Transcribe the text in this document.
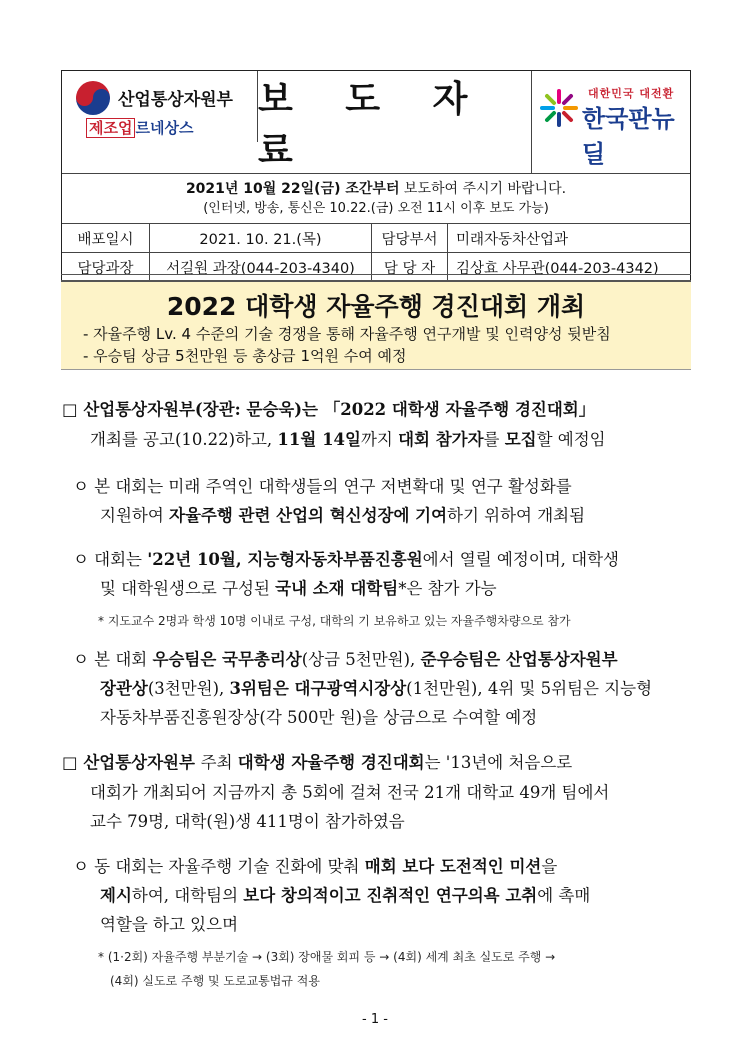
산업통상자원부
제조업 르네상스
보 도 자 료
대한민국 대전환
한국판뉴딜
2021년 10월 22일(금) 조간부터 보도하여 주시기 바랍니다.
(인터넷, 방송, 통신은 10.22.(금) 오전 11시 이후 보도 가능)
배포일시	2021. 10. 21.(목)	담당부서	미래자동차산업과
담당과장	서길원 과장(044-203-4340)	담 당 자	김상효 사무관(044-203-4342)
2022 대학생 자율주행 경진대회 개최
- 자율주행 Lv. 4 수준의 기술 경쟁을 통해 자율주행 연구개발 및 인력양성 뒷받침
- 우승팀 상금 5천만원 등 총상금 1억원 수여 예정
□ 산업통상자원부(장관: 문승욱)는 「2022 대학생 자율주행 경진대회」
개최를 공고(10.22)하고, 11월 14일까지 대회 참가자를 모집할 예정임
ㅇ 본 대회는 미래 주역인 대학생들의 연구 저변확대 및 연구 활성화를
지원하여 자율주행 관련 산업의 혁신성장에 기여하기 위하여 개최됨
ㅇ 대회는 '22년 10월, 지능형자동차부품진흥원에서 열릴 예정이며, 대학생
및 대학원생으로 구성된 국내 소재 대학팀*은 참가 가능
* 지도교수 2명과 학생 10명 이내로 구성, 대학의 기 보유하고 있는 자율주행차량으로 참가
ㅇ 본 대회 우승팀은 국무총리상(상금 5천만원), 준우승팀은 산업통상자원부
장관상(3천만원), 3위팀은 대구광역시장상(1천만원), 4위 및 5위팀은 지능형
자동차부품진흥원장상(각 500만 원)을 상금으로 수여할 예정
□ 산업통상자원부 주최 대학생 자율주행 경진대회는 '13년에 처음으로
대회가 개최되어 지금까지 총 5회에 걸쳐 전국 21개 대학교 49개 팀에서
교수 79명, 대학(원)생 411명이 참가하였음
ㅇ 동 대회는 자율주행 기술 진화에 맞춰 매회 보다 도전적인 미션을
제시하여, 대학팀의 보다 창의적이고 진취적인 연구의욕 고취에 촉매
역할을 하고 있으며
* (1·2회) 자율주행 부분기술 → (3회) 장애물 회피 등 → (4회) 세계 최초 실도로 주행 →
(4회) 실도로 주행 및 도로교통법규 적용
- 1 -
